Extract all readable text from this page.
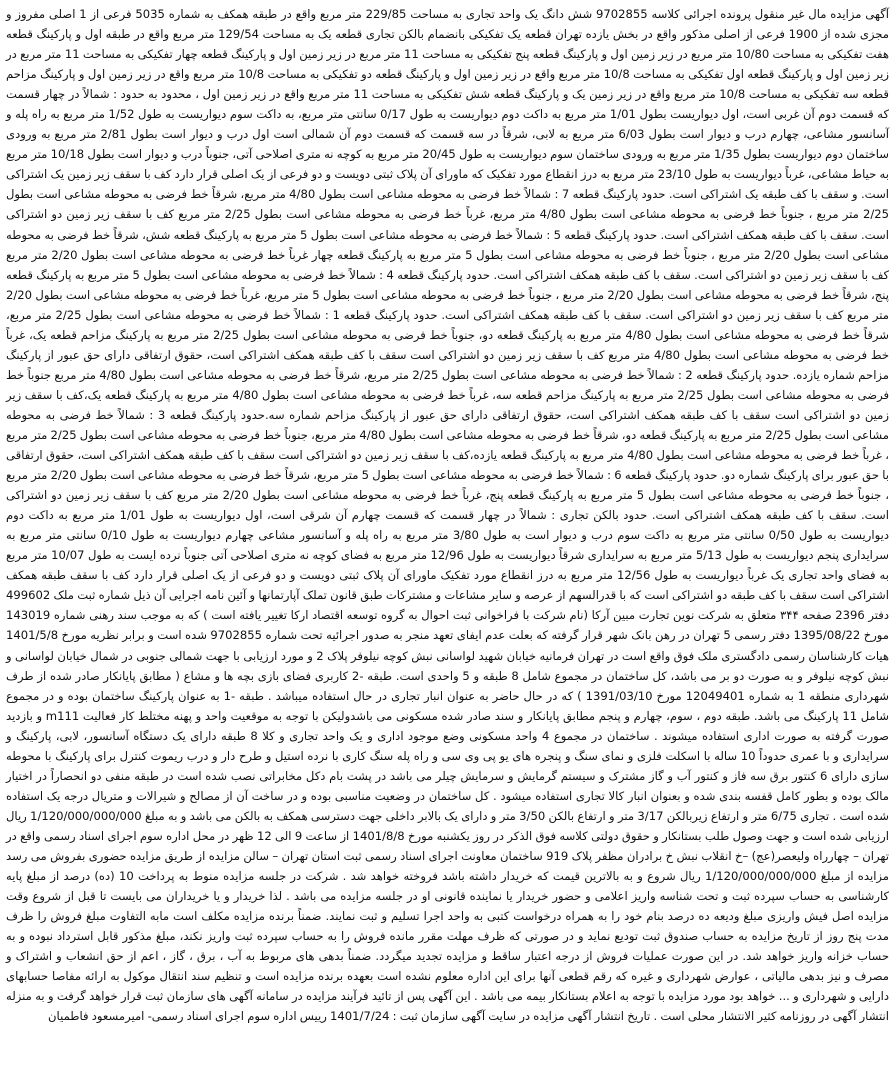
آگهی مزایده مال غیر منقول پرونده اجرائی کلاسه 9702855 شش دانگ یک واحد تجاری به مساحت 229/85 متر مربع واقع در طبقه همکف به شماره 5035 فرعی از 1 اصلی مفروز و مجزی شده از 1900 فرعی از اصلی مذکور واقع در بخش یازده تهران قطعه یک تفکیکی بانضمام بالکن تجاری قطعه یک به مساحت 129/54 متر مربع واقع در طبقه اول و پارکینگ قطعه هفت تفکیکی به مساحت 10/80 متر مربع در زیر زمین اول و پارکینگ قطعه پنج تفکیکی به مساحت 11 متر مربع در زیر زمین اول و پارکینگ قطعه چهار تفکیکی به مساحت 11 متر مربع در زیر زمین اول و پارکینگ قطعه اول تفکیکی به مساحت 10/8 متر مربع واقع در زیر زمین اول و پارکینگ قطعه دو تفکیکی به مساحت 10/8 متر مربع واقع در زیر زمین اول و پارکینگ مزاحم قطعه سه تفکیکی به مساحت 10/8 متر مربع واقع در زیر زمین یک و پارکینگ قطعه شش تفکیکی به مساحت 11 متر مربع واقع در زیر زمین اول ، محدود به حدود : شمالاً در چهار قسمت که قسمت دوم آن غربی است، اول دیواریست بطول 1/01 متر مربع به داکت دوم دیواریست به طول 0/17 سانتی متر مربع، به داکت سوم دیواریست به طول 1/52 متر مربع به راه پله و آسانسور مشاعی، چهارم درب و دیوار است بطول 6/03 متر مربع به لابی، شرقاً در سه قسمت که قسمت دوم آن شمالی است اول درب و دیوار است بطول 2/81 متر مربع به ورودی ساختمان دوم دیواریست بطول 1/35 متر مربع به ورودی ساختمان سوم دیواریست به طول 20/45 متر مربع به کوچه نه متری اصلاحی آتی، جنوباً درب و دیوار است بطول 10/18 متر مربع به حیاط مشاعی، غرباً دیواریست به طول 23/10 متر مربع به درز انقطاع مورد تفکیک که ماورای آن پلاک ثبتی دویست و دو فرعی از یک اصلی قرار دارد کف با سقف زیر زمین یک اشتراکی است. و سقف با کف طبقه یک اشتراکی است. حدود پارکینگ قطعه 7 : شمالاً خط فرضی به محوطه مشاعی است بطول 4/80 متر مربع، شرقاً خط فرضی به محوطه مشاعی است بطول 2/25 متر مربع ، جنوباً خط فرضی به محوطه مشاعی است بطول 4/80 متر مربع، غرباً خط فرضی به محوطه مشاعی است بطول 2/25 متر مربع کف با سقف زیر زمین دو اشتراکی است. سقف با کف طبقه همکف اشتراکی است. حدود پارکینگ قطعه 5 : شمالاً خط فرضی به محوطه مشاعی است بطول 5 متر مربع به پارکینگ قطعه شش، شرقاً خط فرضی به محوطه مشاعی است بطول 2/20 متر مربع ، جنوباً خط فرضی به محوطه مشاعی است بطول 5 متر مربع به پارکینگ قطعه چهار غرباً خط فرضی به محوطه مشاعی است بطول 2/20 متر مربع کف با سقف زیر زمین دو اشتراکی است. سقف با کف طبقه همکف اشتراکی است. حدود پارکینگ قطعه 4 : شمالاً خط فرضی به محوطه مشاعی است بطول 5 متر مربع به پارکینگ قطعه پنج، شرقاً خط فرضی به محوطه مشاعی است بطول 2/20 متر مربع ، جنوباً خط فرضی به محوطه مشاعی است بطول 5 متر مربع، غرباً خط فرضی به محوطه مشاعی است بطول 2/20 متر مربع کف با سقف زیر زمین دو اشتراکی است. سقف با کف طبقه همکف اشتراکی است. حدود پارکینگ قطعه 1 : شمالاً خط فرضی به محوطه مشاعی است بطول 2/25 متر مربع، شرقاً خط فرضی به محوطه مشاعی است بطول 4/80 متر مربع به پارکینگ قطعه دو، جنوباً خط فرضی به محوطه مشاعی است بطول 2/25 متر مربع به پارکینگ مزاحم قطعه یک، غرباً خط فرضی به محوطه مشاعی است بطول 4/80 متر مربع کف با سقف زیر زمین دو اشتراکی است سقف با کف طبقه همکف اشتراکی است، حقوق ارتفاقی دارای حق عبور از پارکینگ مزاحم شماره یازده. حدود پارکینگ قطعه 2 : شمالاً خط فرضی به محوطه مشاعی است بطول 2/25 متر مربع، شرقاً خط فرضی به محوطه مشاعی است بطول 4/80 متر مربع جنوباً خط فرضی به محوطه مشاعی است بطول 2/25 متر مربع به پارکینگ مزاحم قطعه سه، غرباً خط فرضی به محوطه مشاعی است بطول 4/80 متر مربع به پارکینگ قطعه یک،کف با سقف زیر زمین دو اشتراکی است سقف با کف طبقه همکف اشتراکی است، حقوق ارتفاقی دارای حق عبور از پارکینگ مزاحم شماره سه.حدود پارکینگ قطعه 3 : شمالاً خط فرضی به محوطه مشاعی است بطول 2/25 متر مربع به پارکینگ قطعه دو، شرقاً خط فرضی به محوطه مشاعی است بطول 4/80 متر مربع، جنوباً خط فرضی به محوطه مشاعی است بطول 2/25 متر مربع ، غرباً خط فرضی به محوطه مشاعی است بطول 4/80 متر مربع به پارکینگ قطعه یازده،کف با سقف زیر زمین دو اشتراکی است سقف با کف طبقه همکف اشتراکی است، حقوق ارتفاقی با حق عبور برای پارکینگ شماره دو. حدود پارکینگ قطعه 6 : شمالاً خط فرضی به محوطه مشاعی است بطول 5 متر مربع، شرقاً خط فرضی به محوطه مشاعی است بطول 2/20 متر مربع ، جنوباً خط فرضی به محوطه مشاعی است بطول 5 متر مربع به پارکینگ قطعه پنج، غرباً خط فرضی به محوطه مشاعی است بطول 2/20 متر مربع کف با سقف زیر زمین دو اشتراکی است. سقف با کف طبقه همکف اشتراکی است. حدود بالکن تجاری : شمالاً در چهار قسمت که قسمت چهارم آن شرقی است، اول دیواریست به طول 1/01 متر مربع به داکت دوم دیواریست به طول 0/50 سانتی متر مربع به داکت سوم درب و دیوار است به طول 3/80 متر مربع به راه پله و آسانسور مشاعی چهارم دیواریست به طول 0/10 سانتی متر مربع به سرایداری پنجم دیواریست به طول 5/13 متر مربع به سرایداری شرقاً دیواریست به طول 12/96 متر مربع به فضای کوچه نه متری اصلاحی آتی جنوباً نرده ایست به طول 10/07 متر مربع به فضای واحد تجاری یک غرباً دیواریست به طول 12/56 متر مربع به درز انقطاع مورد تفکیک ماورای آن پلاک ثبتی دویست و دو فرعی از یک اصلی قرار دارد کف با سقف طبقه همکف اشتراکی است سقف با کف طبقه دو اشتراکی است که با قدرالسهم از عرصه و سایر مشاعات و مشترکات طبق قانون تملک آپارتمانها و آئین نامه اجرایی آن ذیل شماره ثبت ملک 499602 دفتر 2396 صفحه ۳۴۴ متعلق به شرکت نوین تجارت مبین آرکا (نام شرکت با فراخوانی ثبت احوال به گروه توسعه اقتصاد ارکا تغییر یافته است ) که به موجب سند رهنی شماره 143019 مورخ 1395/08/22 دفتر رسمی 5 تهران در رهن بانک شهر قرار گرفته که بعلت عدم ایفای تعهد منجر به صدور اجرائیه تحت شماره 9702855 شده است و برابر نظریه مورخ 1401/5/8 هیات کارشناسان رسمی دادگستری ملک فوق واقع است در تهران فرمانیه خیابان شهید لواسانی نبش کوچه نیلوفر پلاک 2 و مورد ارزیابی با جهت شمالی جنوبی در شمال خیابان لواسانی و نبش کوچه نیلوفر و به صورت دو بر می باشد، کل ساختمان در مجموع شامل 8 طبقه و 5 واحدی است. طبقه -2 کاربری فضای بازی بچه ها و مشاع ( مطابق پایانکار صادر شده از طرف شهرداری منطقه 1 به شماره 12049401 مورخ 1391/03/10 ) که در حال حاضر به عنوان انبار تجاری در حال استفاده میباشد . طبقه -1 به عنوان پارکینگ ساختمان بوده و در مجموع شامل 11 پارکینگ می باشد. طبقه دوم ، سوم، چهارم و پنجم مطابق پایانکار و سند صادر شده مسکونی می باشدولیکن با توجه به موقعیت واحد و پهنه مختلط کار فعالیت m111 و بازدید صورت گرفته به صورت اداری استفاده میشوند . ساختمان در مجموع 4 واحد مسکونی وضع موجود اداری و یک واحد تجاری و کلا 8 طبقه دارای یک دستگاه آسانسور، لابی، پارکینگ و سرایداری و با عمری حدوداً 10 ساله با اسکلت فلزی و نمای سنگ و پنجره های یو پی وی سی و راه پله سنگ کاری با نرده استیل و طرح دار و درب ریموت کنترل برای پارکینگ با محوطه سازی دارای 6 کنتور برق سه فاز و کنتور آب و گاز مشترک و سیستم گرمایش و سرمایش چیلر می باشد در پشت بام دکل مخابراتی نصب شده است در طبقه منفی دو انحصاراً در اختیار مالک بوده و بطور کامل قفسه بندی شده و بعنوان انبار کالا تجاری استفاده میشود . کل ساختمان در وضعیت مناسبی بوده و در ساخت آن از مصالح و شیرالات و متریال درجه یک استفاده شده است . تجاری 6/75 متر و ارتفاع زیربالکن 3/17 متر و ارتفاع بالکن 3/50 متر و دارای یک بالابر داخلی جهت دسترسی همکف به بالکن می باشد و به مبلغ 1/120/000/000/000 ریال ارزیابی شده است و جهت وصول طلب بستانکار و حقوق دولتی کلاسه فوق الذکر در روز یکشنبه مورخ 1401/8/8 از ساعت 9 الی 12 ظهر در محل اداره سوم اجرای اسناد رسمی واقع در تهران – چهارراه ولیعصر(عج) –خ انقلاب نبش خ برادران مظفر پلاک 919 ساختمان معاونت اجرای اسناد رسمی ثبت استان تهران – سالن مزایده از طریق مزایده حضوری بفروش می رسد مزایده از مبلغ 1/120/000/000/000 ریال شروع و به بالاترین قیمت که خریدار داشته باشد فروخته خواهد شد . شرکت در جلسه مزایده منوط به پرداخت 10 (ده) درصد از مبلغ پایه کارشناسی به حساب سپرده ثبت و تحت شناسه واریز اعلامی و حضور خریدار یا نماینده قانونی او در جلسه مزایده می باشد . لذا خریدار و یا خریداران می بایست تا قبل از شروع وقت مزایده اصل فیش واریزی مبلغ ودیعه ده درصد بنام خود را به همراه درخواست کتبی به واحد اجرا تسلیم و ثبت نمایند. ضمناً برنده مزایده مکلف است مابه التفاوت مبلغ فروش را ظرف مدت پنج روز از تاریخ مزایده به حساب صندوق ثبت تودیع نماید و در صورتی که ظرف مهلت مقرر مانده فروش را به حساب سپرده ثبت واریز نکند، مبلغ مذکور قابل استرداد نبوده و به حساب خزانه واریز خواهد شد. در این صورت عملیات فروش از درجه اعتبار ساقط و مزایده تجدید میگردد. ضمناً بدهی های مربوط به آب ، برق ، گاز ، اعم از حق انشعاب و اشتراک و مصرف و نیز بدهی مالیاتی ، عوارض شهرداری و غیره که رقم قطعی آنها برای این اداره معلوم نشده است بعهده برنده مزایده است و تنظیم سند انتقال موکول به ارائه مفاصا حسابهای دارایی و شهرداری و ... خواهد بود مورد مزایده با توجه به اعلام بستانکار بیمه می باشد . این آگهی پس از تائید فرآیند مزایده در سامانه آگهی های سازمان ثبت قرار خواهد گرفت و به منزله انتشار آگهی در روزنامه کثیر الانتشار محلی است . تاریخ انتشار آگهی مزایده در سایت آگهی سازمان ثبت : 1401/7/24 رییس اداره سوم اجرای اسناد رسمی- امیرمسعود فاطمیان
